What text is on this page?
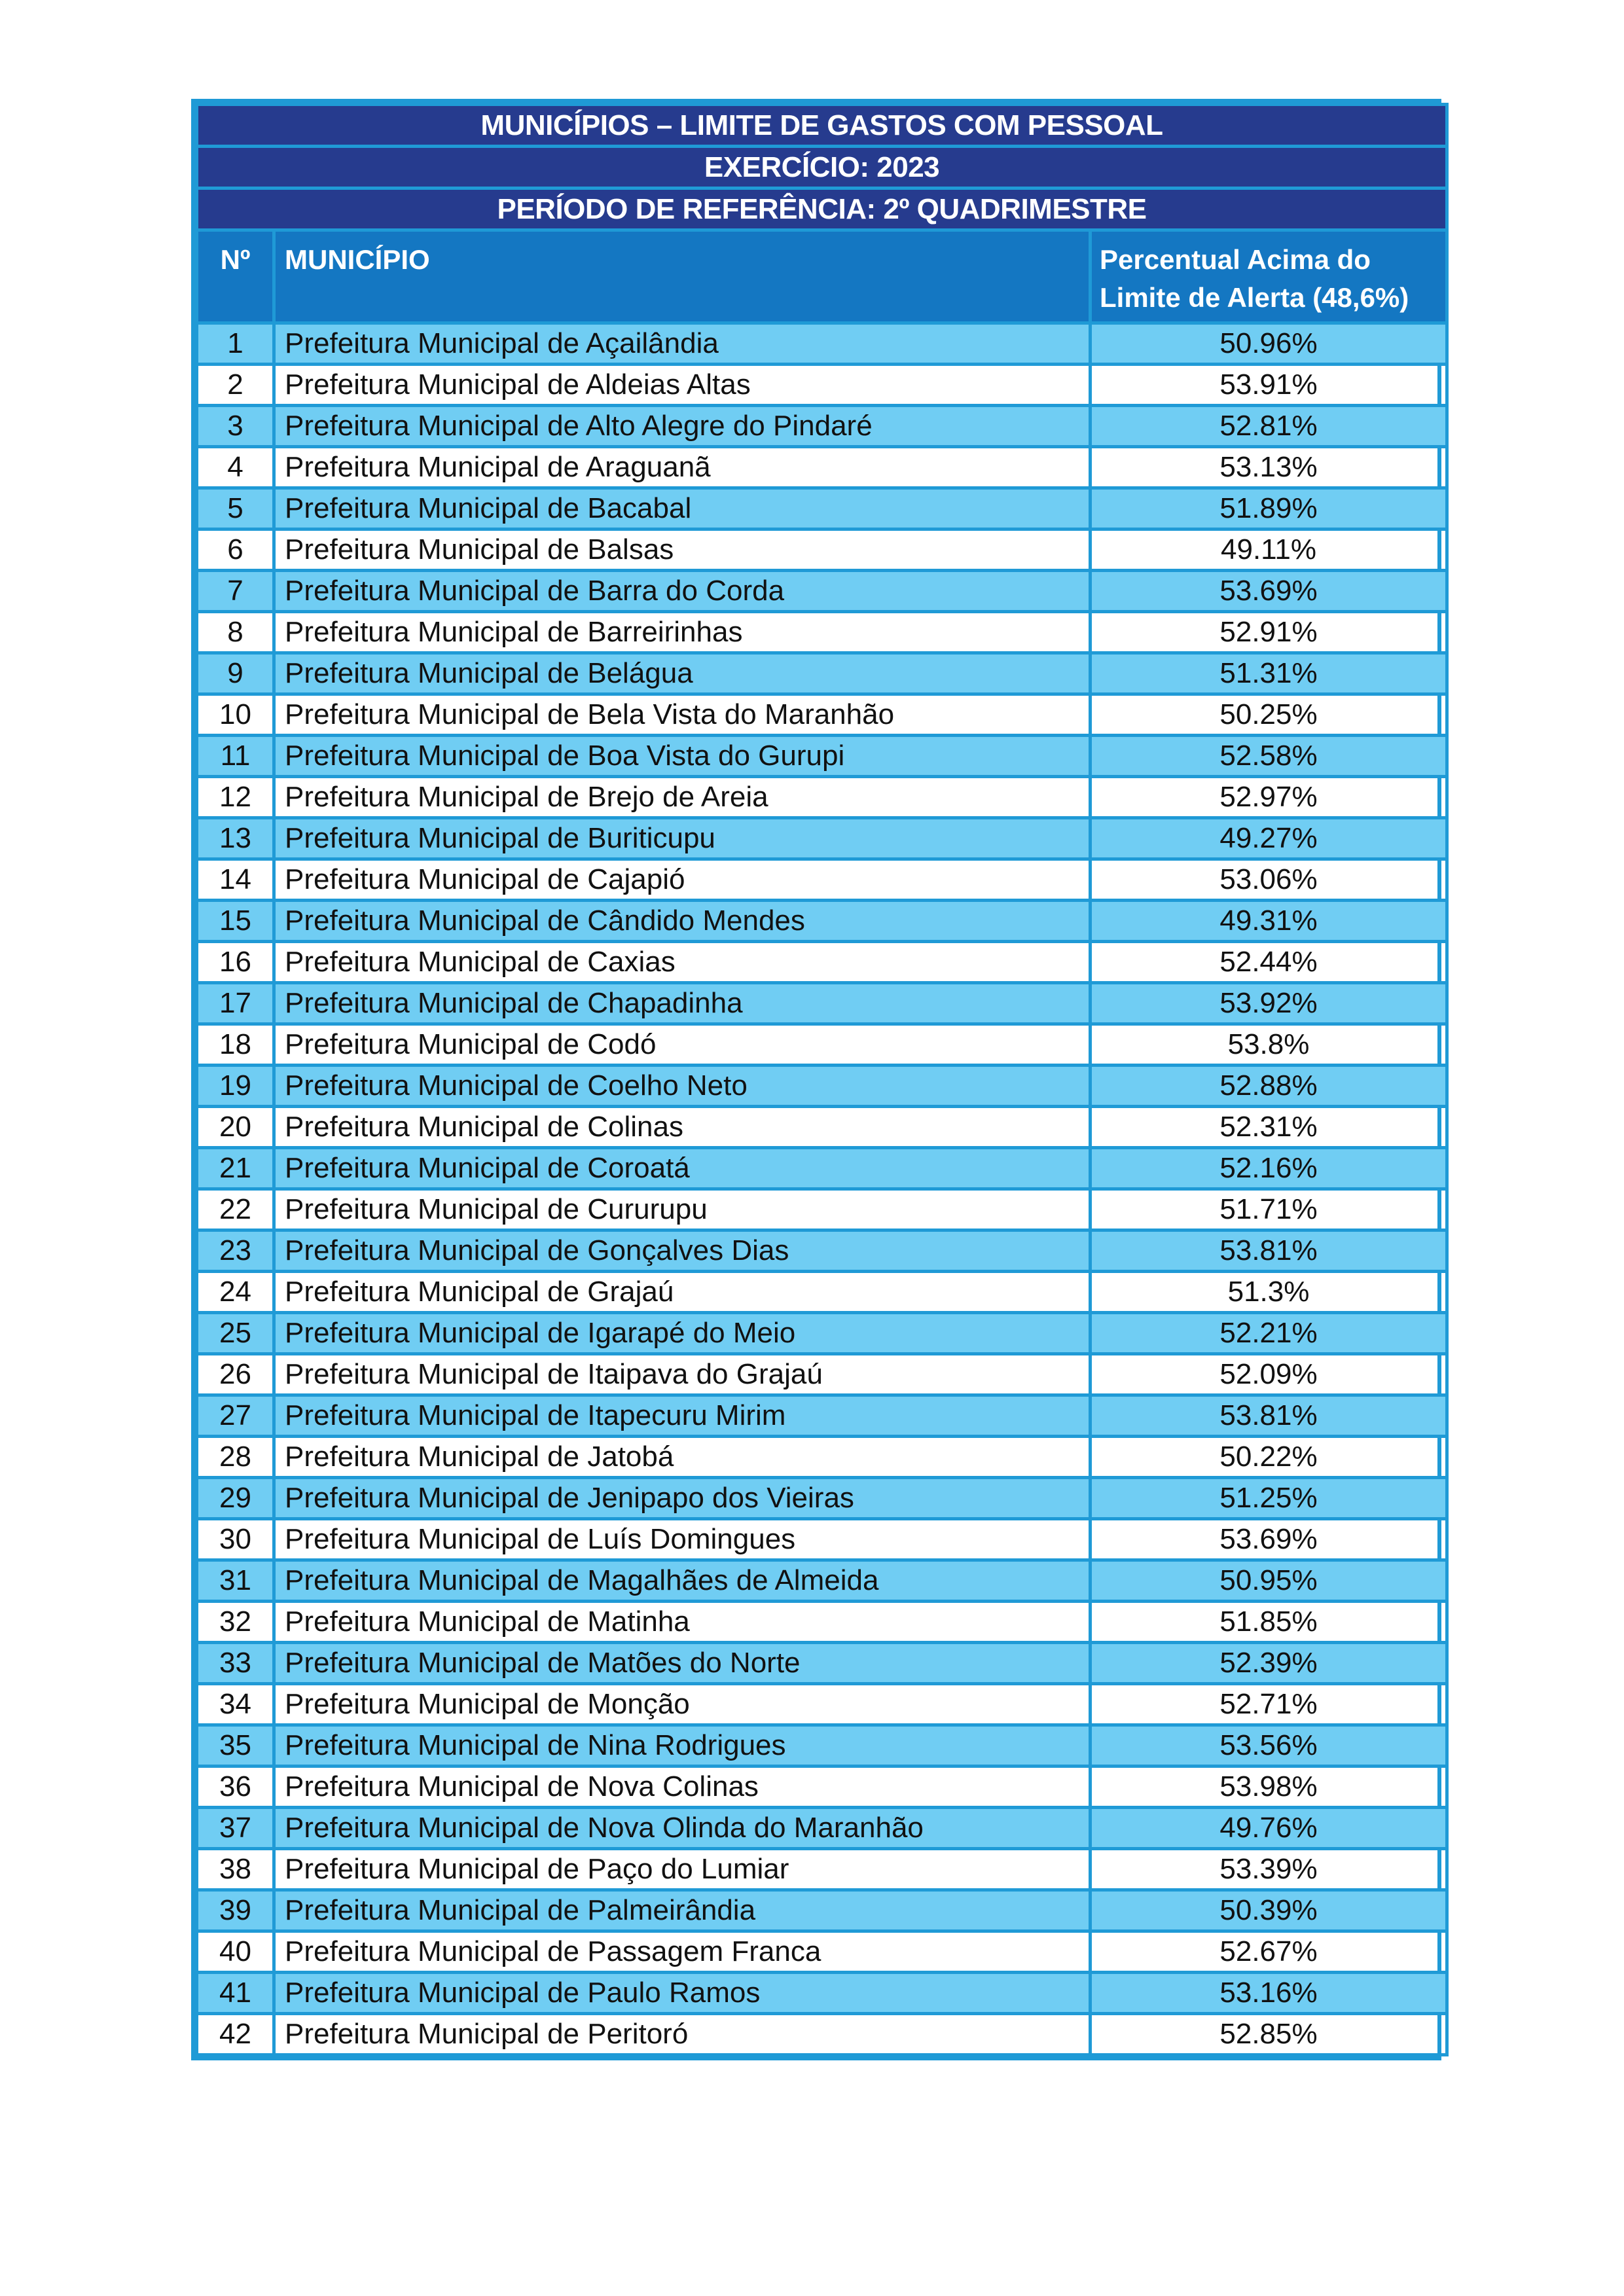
MUNICÍPIOS – LIMITE DE GASTOS COM PESSOAL		
EXERCÍCIO: 2023		
PERÍODO DE REFERÊNCIA: 2º QUADRIMESTRE		
Nº	MUNICÍPIO	Percentual Acima do
Limite de Alerta (48,6%)
1	Prefeitura Municipal de Açailândia	50.96%
2	Prefeitura Municipal de Aldeias Altas	53.91%
3	Prefeitura Municipal de Alto Alegre do Pindaré	52.81%
4	Prefeitura Municipal de Araguanã	53.13%
5	Prefeitura Municipal de Bacabal	51.89%
6	Prefeitura Municipal de Balsas	49.11%
7	Prefeitura Municipal de Barra do Corda	53.69%
8	Prefeitura Municipal de Barreirinhas	52.91%
9	Prefeitura Municipal de Belágua	51.31%
10	Prefeitura Municipal de Bela Vista do Maranhão	50.25%
11	Prefeitura Municipal de Boa Vista do Gurupi	52.58%
12	Prefeitura Municipal de Brejo de Areia	52.97%
13	Prefeitura Municipal de Buriticupu	49.27%
14	Prefeitura Municipal de Cajapió	53.06%
15	Prefeitura Municipal de Cândido Mendes	49.31%
16	Prefeitura Municipal de Caxias	52.44%
17	Prefeitura Municipal de Chapadinha	53.92%
18	Prefeitura Municipal de Codó	53.8%
19	Prefeitura Municipal de Coelho Neto	52.88%
20	Prefeitura Municipal de Colinas	52.31%
21	Prefeitura Municipal de Coroatá	52.16%
22	Prefeitura Municipal de Cururupu	51.71%
23	Prefeitura Municipal de Gonçalves Dias	53.81%
24	Prefeitura Municipal de Grajaú	51.3%
25	Prefeitura Municipal de Igarapé do Meio	52.21%
26	Prefeitura Municipal de Itaipava do Grajaú	52.09%
27	Prefeitura Municipal de Itapecuru Mirim	53.81%
28	Prefeitura Municipal de Jatobá	50.22%
29	Prefeitura Municipal de Jenipapo dos Vieiras	51.25%
30	Prefeitura Municipal de Luís Domingues	53.69%
31	Prefeitura Municipal de Magalhães de Almeida	50.95%
32	Prefeitura Municipal de Matinha	51.85%
33	Prefeitura Municipal de Matões do Norte	52.39%
34	Prefeitura Municipal de Monção	52.71%
35	Prefeitura Municipal de Nina Rodrigues	53.56%
36	Prefeitura Municipal de Nova Colinas	53.98%
37	Prefeitura Municipal de Nova Olinda do Maranhão	49.76%
38	Prefeitura Municipal de Paço do Lumiar	53.39%
39	Prefeitura Municipal de Palmeirândia	50.39%
40	Prefeitura Municipal de Passagem Franca	52.67%
41	Prefeitura Municipal de Paulo Ramos	53.16%
42	Prefeitura Municipal de Peritoró	52.85%
